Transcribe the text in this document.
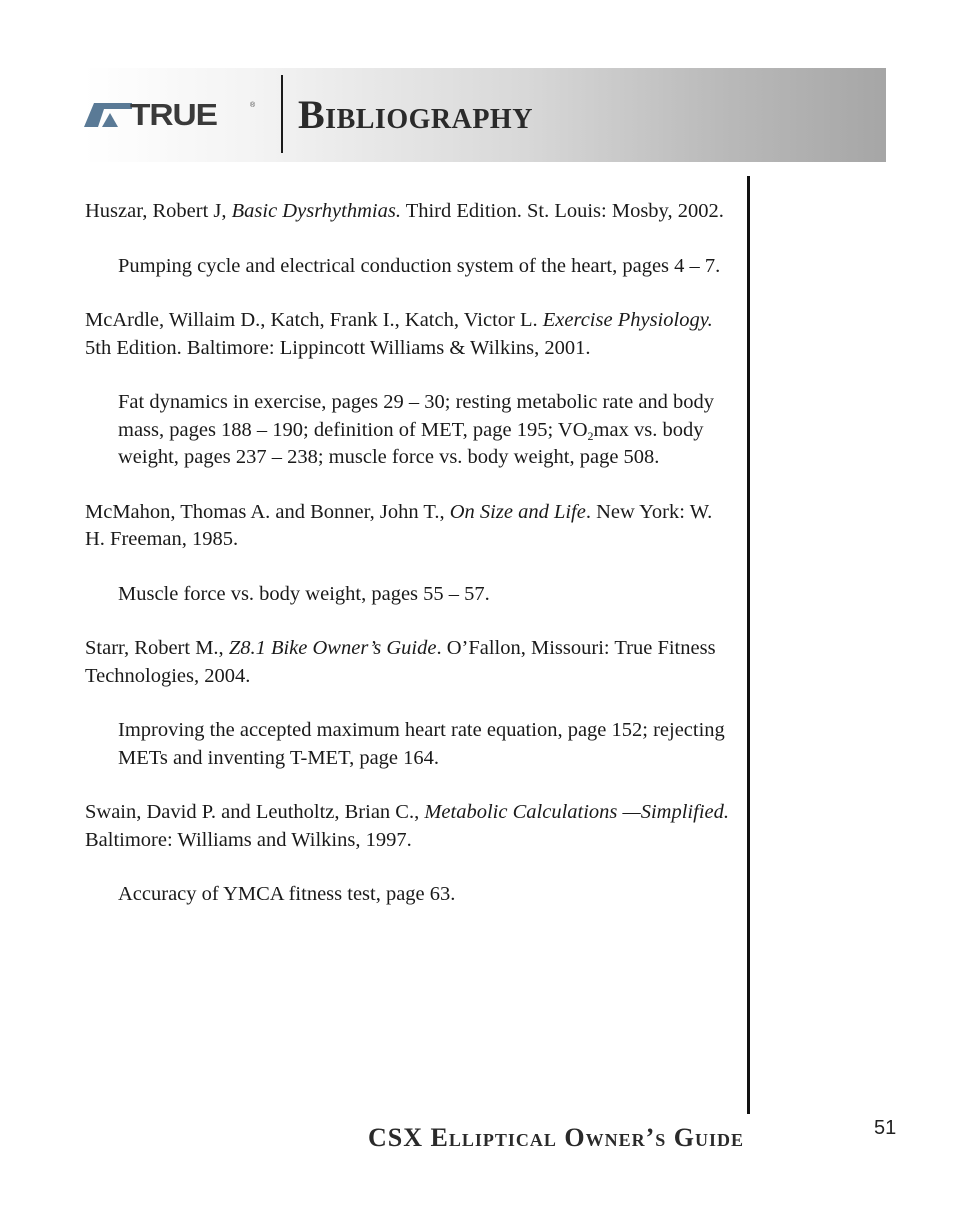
TRUE	® Bibliography

Huszar, Robert J, Basic Dysrhythmias. Third Edition. St. Louis: Mosby, 2002.

Pumping cycle and electrical conduction system of the heart, pages 4 – 7.

McArdle, Willaim D., Katch, Frank I., Katch, Victor L. Exercise Physiology. 5th Edition. Baltimore: Lippincott Williams & Wilkins, 2001.

Fat dynamics in exercise, pages 29 – 30; resting metabolic rate and body mass, pages 188 – 190; definition of MET, page 195; $VO_2\max$ vs. body weight, pages 237 – 238; muscle force vs. body weight, page 508.

McMahon, Thomas A. and Bonner, John T., On Size and Life. New York: W. H. Freeman, 1985.

Muscle force vs. body weight, pages 55 – 57.

Starr, Robert M., Z8.1 Bike Owner’s Guide. O’Fallon, Missouri: True Fitness Technologies, 2004.

Improving the accepted maximum heart rate equation, page 152; rejecting METs and inventing T-MET, page 164.

Swain, David P. and Leutholtz, Brian C., Metabolic Calculations —Simplified. Baltimore: Williams and Wilkins, 1997.

Accuracy of YMCA fitness test, page 63.

CSX Elliptical Owner’s Guide	51
